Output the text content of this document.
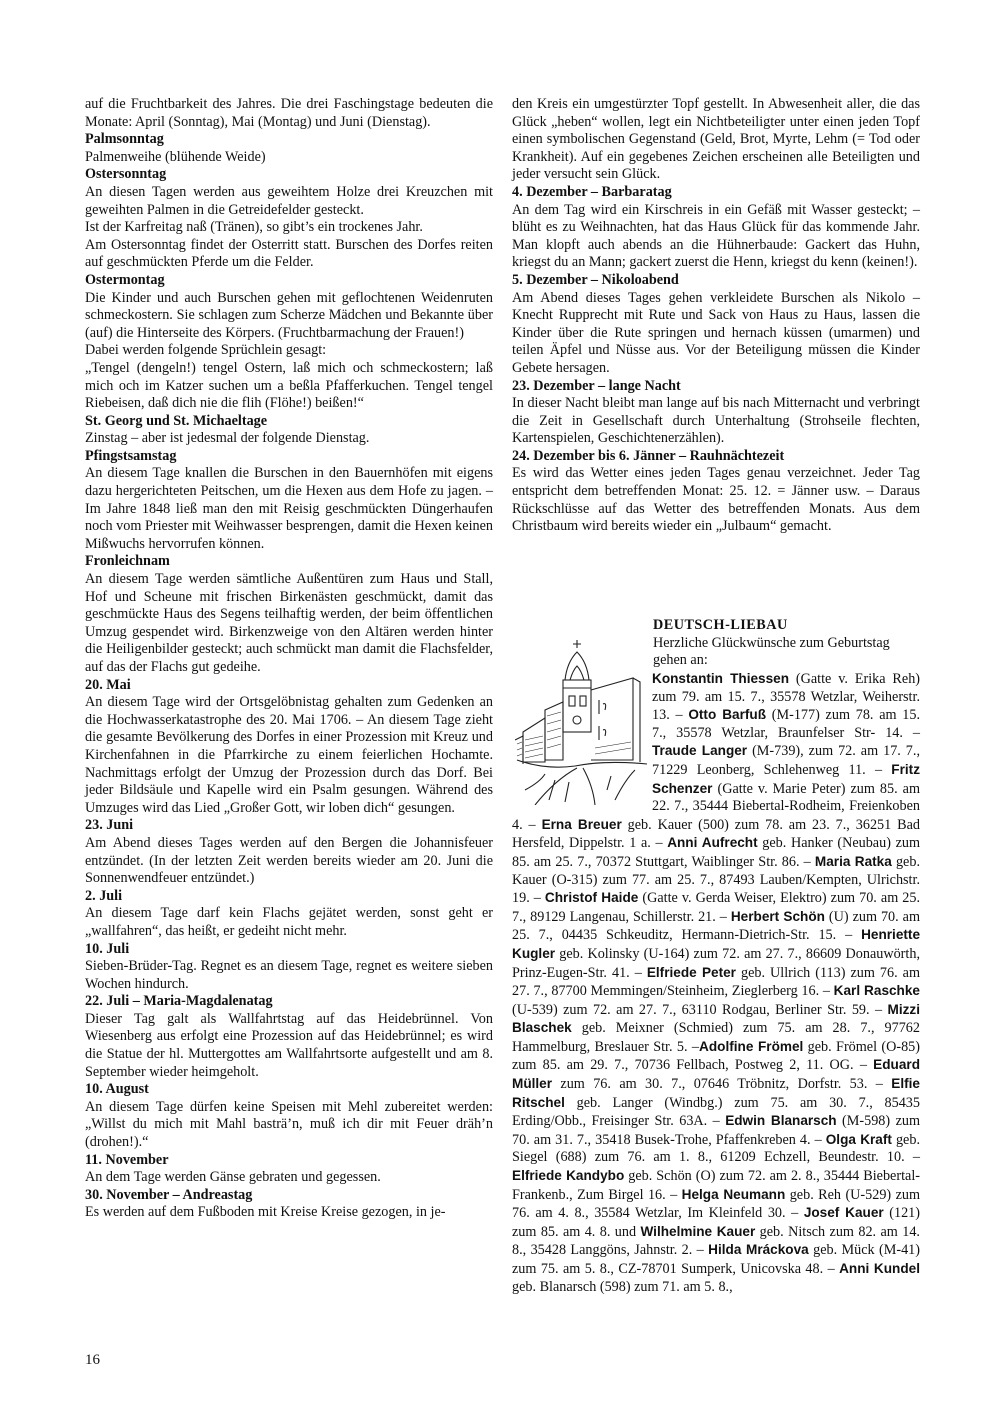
auf die Fruchtbarkeit des Jahres. Die drei Faschingstage bedeuten die Monate: April (Sonntag), Mai (Montag) und Juni (Dienstag).

Palmsonntag

Palmenweihe (blühende Weide)

Ostersonntag

An diesen Tagen werden aus geweihtem Holze drei Kreuzchen mit geweihten Palmen in die Getreidefelder gesteckt.

Ist der Karfreitag naß (Tränen), so gibt’s ein trockenes Jahr.

Am Ostersonntag findet der Osterritt statt. Burschen des Dorfes reiten auf geschmückten Pferde um die Felder.

Ostermontag

Die Kinder und auch Burschen gehen mit geflochtenen Weidenruten schmeckostern. Sie schlagen zum Scherze Mädchen und Bekannte über (auf) die Hinterseite des Körpers. (Fruchtbarmachung der Frauen!)

Dabei werden folgende Sprüchlein gesagt:

„Tengel (dengeln!) tengel Ostern, laß mich och schmeckostern; laß mich och im Katzer suchen um a beßla Pfafferkuchen. Tengel tengel Riebeisen, daß dich nie die flih (Flöhe!) beißen!“

St. Georg und St. Michaeltage

Zinstag – aber ist jedesmal der folgende Dienstag.

Pfingstsamstag

An diesem Tage knallen die Burschen in den Bauernhöfen mit eigens dazu hergerichteten Peitschen, um die Hexen aus dem Hofe zu jagen. – Im Jahre 1848 ließ man den mit Reisig geschmückten Düngerhaufen noch vom Priester mit Weihwasser besprengen, damit die Hexen keinen Mißwuchs hervorrufen können.

Fronleichnam

An diesem Tage werden sämtliche Außentüren zum Haus und Stall, Hof und Scheune mit frischen Birkenästen geschmückt, damit das geschmückte Haus des Segens teilhaftig werden, der beim öffentlichen Umzug gespendet wird. Birkenzweige von den Altären werden hinter die Heiligenbilder gesteckt; auch schmückt man damit die Flachsfelder, auf das der Flachs gut gedeihe.

20. Mai

An diesem Tage wird der Ortsgelöbnistag gehalten zum Gedenken an die Hochwasserkatastrophe des 20. Mai 1706. – An diesem Tage zieht die gesamte Bevölkerung des Dorfes in einer Prozession mit Kreuz und Kirchenfahnen in die Pfarrkirche zu einem feierlichen Hochamte. Nachmittags erfolgt der Umzug der Prozession durch das Dorf. Bei jeder Bildsäule und Kapelle wird ein Psalm gesungen. Während des Umzuges wird das Lied „Großer Gott, wir loben dich“ gesungen.

23. Juni

Am Abend dieses Tages werden auf den Bergen die Johannisfeuer entzündet. (In der letzten Zeit werden bereits wieder am 20. Juni die Sonnenwendfeuer entzündet.)

2. Juli

An diesem Tage darf kein Flachs gejätet werden, sonst geht er „wallfahren“, das heißt, er gedeiht nicht mehr.

10. Juli

Sieben-Brüder-Tag. Regnet es an diesem Tage, regnet es weitere sieben Wochen hindurch.

22. Juli – Maria-Magdalenatag

Dieser Tag galt als Wallfahrtstag auf das Heidebrünnel. Von Wiesenberg aus erfolgt eine Prozession auf das Heidebrünnel; es wird die Statue der hl. Muttergottes am Wallfahrtsorte aufgestellt und am 8. September wieder heimgeholt.

10. August

An diesem Tage dürfen keine Speisen mit Mehl zubereitet werden: „Willst du mich mit Mahl basträ’n, muß ich dir mit Feuer dräh’n (drohen!).“

11. November

An dem Tage werden Gänse gebraten und gegessen.

30. November – Andreastag

Es werden auf dem Fußboden mit Kreise Kreise gezogen, in je-

den Kreis ein umgestürzter Topf gestellt. In Abwesenheit aller, die das Glück „heben“ wollen, legt ein Nichtbeteiligter unter einen jeden Topf einen symbolischen Gegenstand (Geld, Brot, Myrte, Lehm (= Tod oder Krankheit). Auf ein gegebenes Zeichen erscheinen alle Beteiligten und jeder versucht sein Glück.

4. Dezember – Barbaratag

An dem Tag wird ein Kirschreis in ein Gefäß mit Wasser gesteckt; – blüht es zu Weihnachten, hat das Haus Glück für das kommende Jahr. Man klopft auch abends an die Hühnerbaude: Gackert das Huhn, kriegst du an Mann; gackert zuerst die Henn, kriegst du kenn (keinen!).

5. Dezember – Nikoloabend

Am Abend dieses Tages gehen verkleidete Burschen als Nikolo – Knecht Rupprecht mit Rute und Sack von Haus zu Haus, lassen die Kinder über die Rute springen und hernach küssen (umarmen) und teilen Äpfel und Nüsse aus. Vor der Beteiligung müssen die Kinder Gebete hersagen.

23. Dezember – lange Nacht

In dieser Nacht bleibt man lange auf bis nach Mitternacht und verbringt die Zeit in Gesellschaft durch Unterhaltung (Strohseile flechten, Kartenspielen, Geschichtenerzählen).

24. Dezember bis 6. Jänner – Rauhnächtezeit

Es wird das Wetter eines jeden Tages genau verzeichnet. Jeder Tag entspricht dem betreffenden Monat: 25. 12. = Jänner usw. – Daraus Rückschlüsse auf das Wetter des betreffenden Monats. Aus dem Christbaum wird bereits wieder ein „Julbaum“ gemacht.

DEUTSCH-LIEBAU
Herzliche Glückwünsche zum Geburtstag
gehen an:
Konstantin Thiessen (Gatte v. Erika Reh) zum 79. am 15. 7., 35578 Wetzlar, Weiherstr. 13. – Otto Barfuß (M-177) zum 78. am 15. 7., 35578 Wetzlar, Braunfelser Str- 14. – Traude Langer (M-739), zum 72. am 17. 7., 71229 Leonberg, Schlehenweg 11. – Fritz Schenzer (Gatte v. Marie Peter) zum 85. am 22. 7., 35444 Biebertal-Rodheim, Freienkoben 4. – Erna Breuer geb. Kauer (500) zum 78. am 23. 7., 36251 Bad Hersfeld, Dippelstr. 1 a. – Anni Aufrecht geb. Hanker (Neubau) zum 85. am 25. 7., 70372 Stuttgart, Waiblinger Str. 86. – Maria Ratka geb. Kauer (O-315) zum 77. am 25. 7., 87493 Lauben/Kempten, Ulrichstr. 19. – Christof Haide (Gatte v. Gerda Weiser, Elektro) zum 70. am 25. 7., 89129 Langenau, Schillerstr. 21. – Herbert Schön (U) zum 70. am 25. 7., 04435 Schkeuditz, Hermann-Dietrich-Str. 15. – Henriette Kugler geb. Kolinsky (U-164) zum 72. am 27. 7., 86609 Donauwörth, Prinz-Eugen-Str. 41. – Elfriede Peter geb. Ullrich (113) zum 76. am 27. 7., 87700 Memmingen/Steinheim, Zieglerberg 16. – Karl Raschke (U-539) zum 72. am 27. 7., 63110 Rodgau, Berliner Str. 59. – Mizzi Blaschek geb. Meixner (Schmied) zum 75. am 28. 7., 97762 Hammelburg, Breslauer Str. 5. –Adolfine Frömel geb. Frömel (O-85) zum 85. am 29. 7., 70736 Fellbach, Postweg 2, 11. OG. – Eduard Müller zum 76. am 30. 7., 07646 Tröbnitz, Dorfstr. 53. – Elfie Ritschel geb. Langer (Windbg.) zum 75. am 30. 7., 85435 Erding/Obb., Freisinger Str. 63A. – Edwin Blanarsch (M-598) zum 70. am 31. 7., 35418 Busek-Trohe, Pfaffenkreben 4. – Olga Kraft geb. Siegel (688) zum 76. am 1. 8., 61209 Echzell, Beundestr. 10. – Elfriede Kandybo geb. Schön (O) zum 72. am 2. 8., 35444 Biebertal-Frankenb., Zum Birgel 16. – Helga Neumann geb. Reh (U-529) zum 76. am 4. 8., 35584 Wetzlar, Im Kleinfeld 30. – Josef Kauer (121) zum 85. am 4. 8. und Wilhelmine Kauer geb. Nitsch zum 82. am 14. 8., 35428 Langgöns, Jahnstr. 2. – Hilda Mráckova geb. Mück (M-41) zum 75. am 5. 8., CZ-78701 Sumperk, Unicovska 48. – Anni Kundel geb. Blanarsch (598) zum 71. am 5. 8.,
16
